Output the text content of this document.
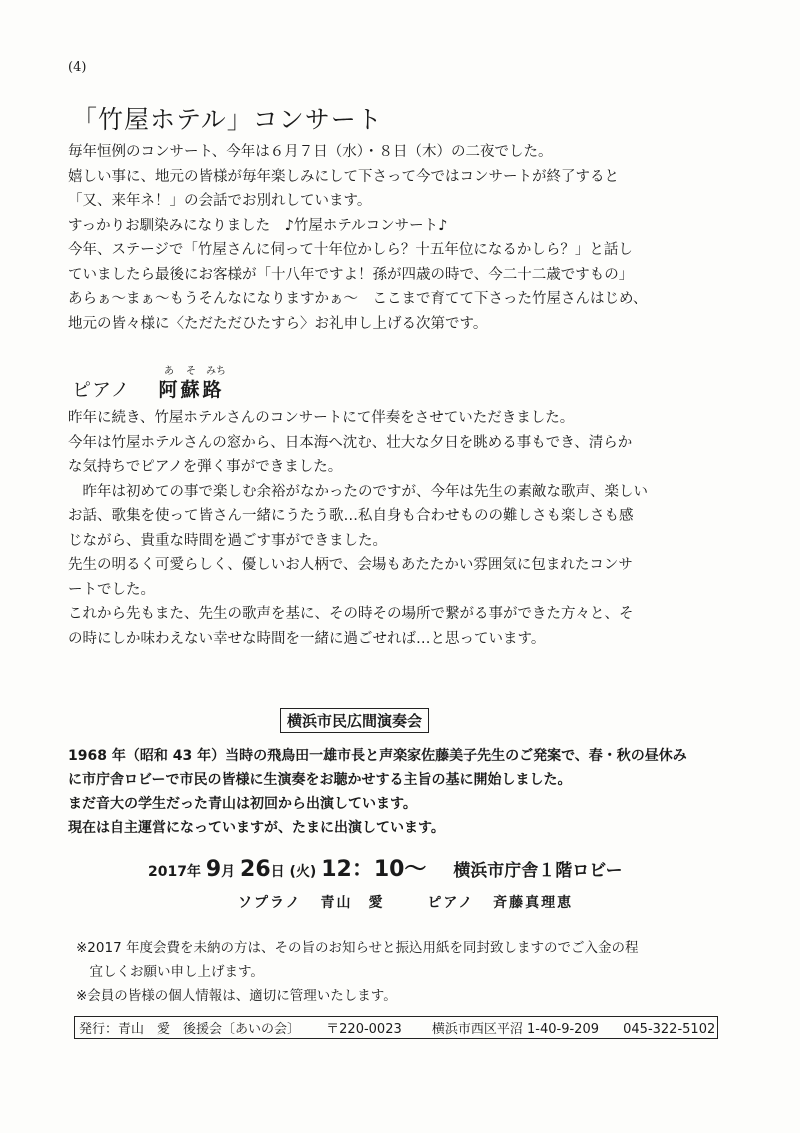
(4)
「竹屋ホテル」コンサート
毎年恒例のコンサート、今年は６月７日（水）・８日（木）の二夜でした。
嬉しい事に、地元の皆様が毎年楽しみにして下さって今ではコンサートが終了すると
「又、来年ネ！」の会話でお別れしています。
すっかりお馴染みになりました　♪竹屋ホテルコンサート♪
今年、ステージで「竹屋さんに伺って十年位かしら？十五年位になるかしら？」と話し
ていましたら最後にお客様が「十八年ですよ！孫が四歳の時で、今二十二歳ですもの」
あらぁ～まぁ～もうそんなになりますかぁ～　ここまで育てて下さった竹屋さんはじめ、
地元の皆々様に〈ただただひたすら〉お礼申し上げる次第です。
あ そ みち
ピアノ 阿蘇路
昨年に続き、竹屋ホテルさんのコンサートにて伴奏をさせていただきました。
今年は竹屋ホテルさんの窓から、日本海へ沈む、壮大な夕日を眺める事もでき、清らか
な気持ちでピアノを弾く事ができました。
　昨年は初めての事で楽しむ余裕がなかったのですが、今年は先生の素敵な歌声、楽しい
お話、歌集を使って皆さん一緒にうたう歌…私自身も合わせものの難しさも楽しさも感
じながら、貴重な時間を過ごす事ができました。
先生の明るく可愛らしく、優しいお人柄で、会場もあたたかい雰囲気に包まれたコンサ
ートでした。
これから先もまた、先生の歌声を基に、その時その場所で繋がる事ができた方々と、そ
の時にしか味わえない幸せな時間を一緒に過ごせれば…と思っています。
横浜市民広間演奏会
1968 年（昭和 43 年）当時の飛鳥田一雄市長と声楽家佐藤美子先生のご発案で、春・秋の昼休み
に市庁舎ロビーで市民の皆様に生演奏をお聴かせする主旨の基に開始しました。
まだ音大の学生だった青山は初回から出演しています。
現在は自主運営になっていますが、たまに出演しています。
2017年 9月 26日 (火) 12：10～ 横浜市庁舎１階ロビー
ソプラノ 青山　愛	ピアノ 斉藤真理恵
※2017 年度会費を未納の方は、その旨のお知らせと振込用紙を同封致しますのでご入金の程
　宜しくお願い申し上げます。
※会員の皆様の個人情報は、適切に管理いたします。
発行：青山　愛　後援会〔あいの会〕 〒220-0023 横浜市西区平沼 1-40-9-209 045-322-5102
